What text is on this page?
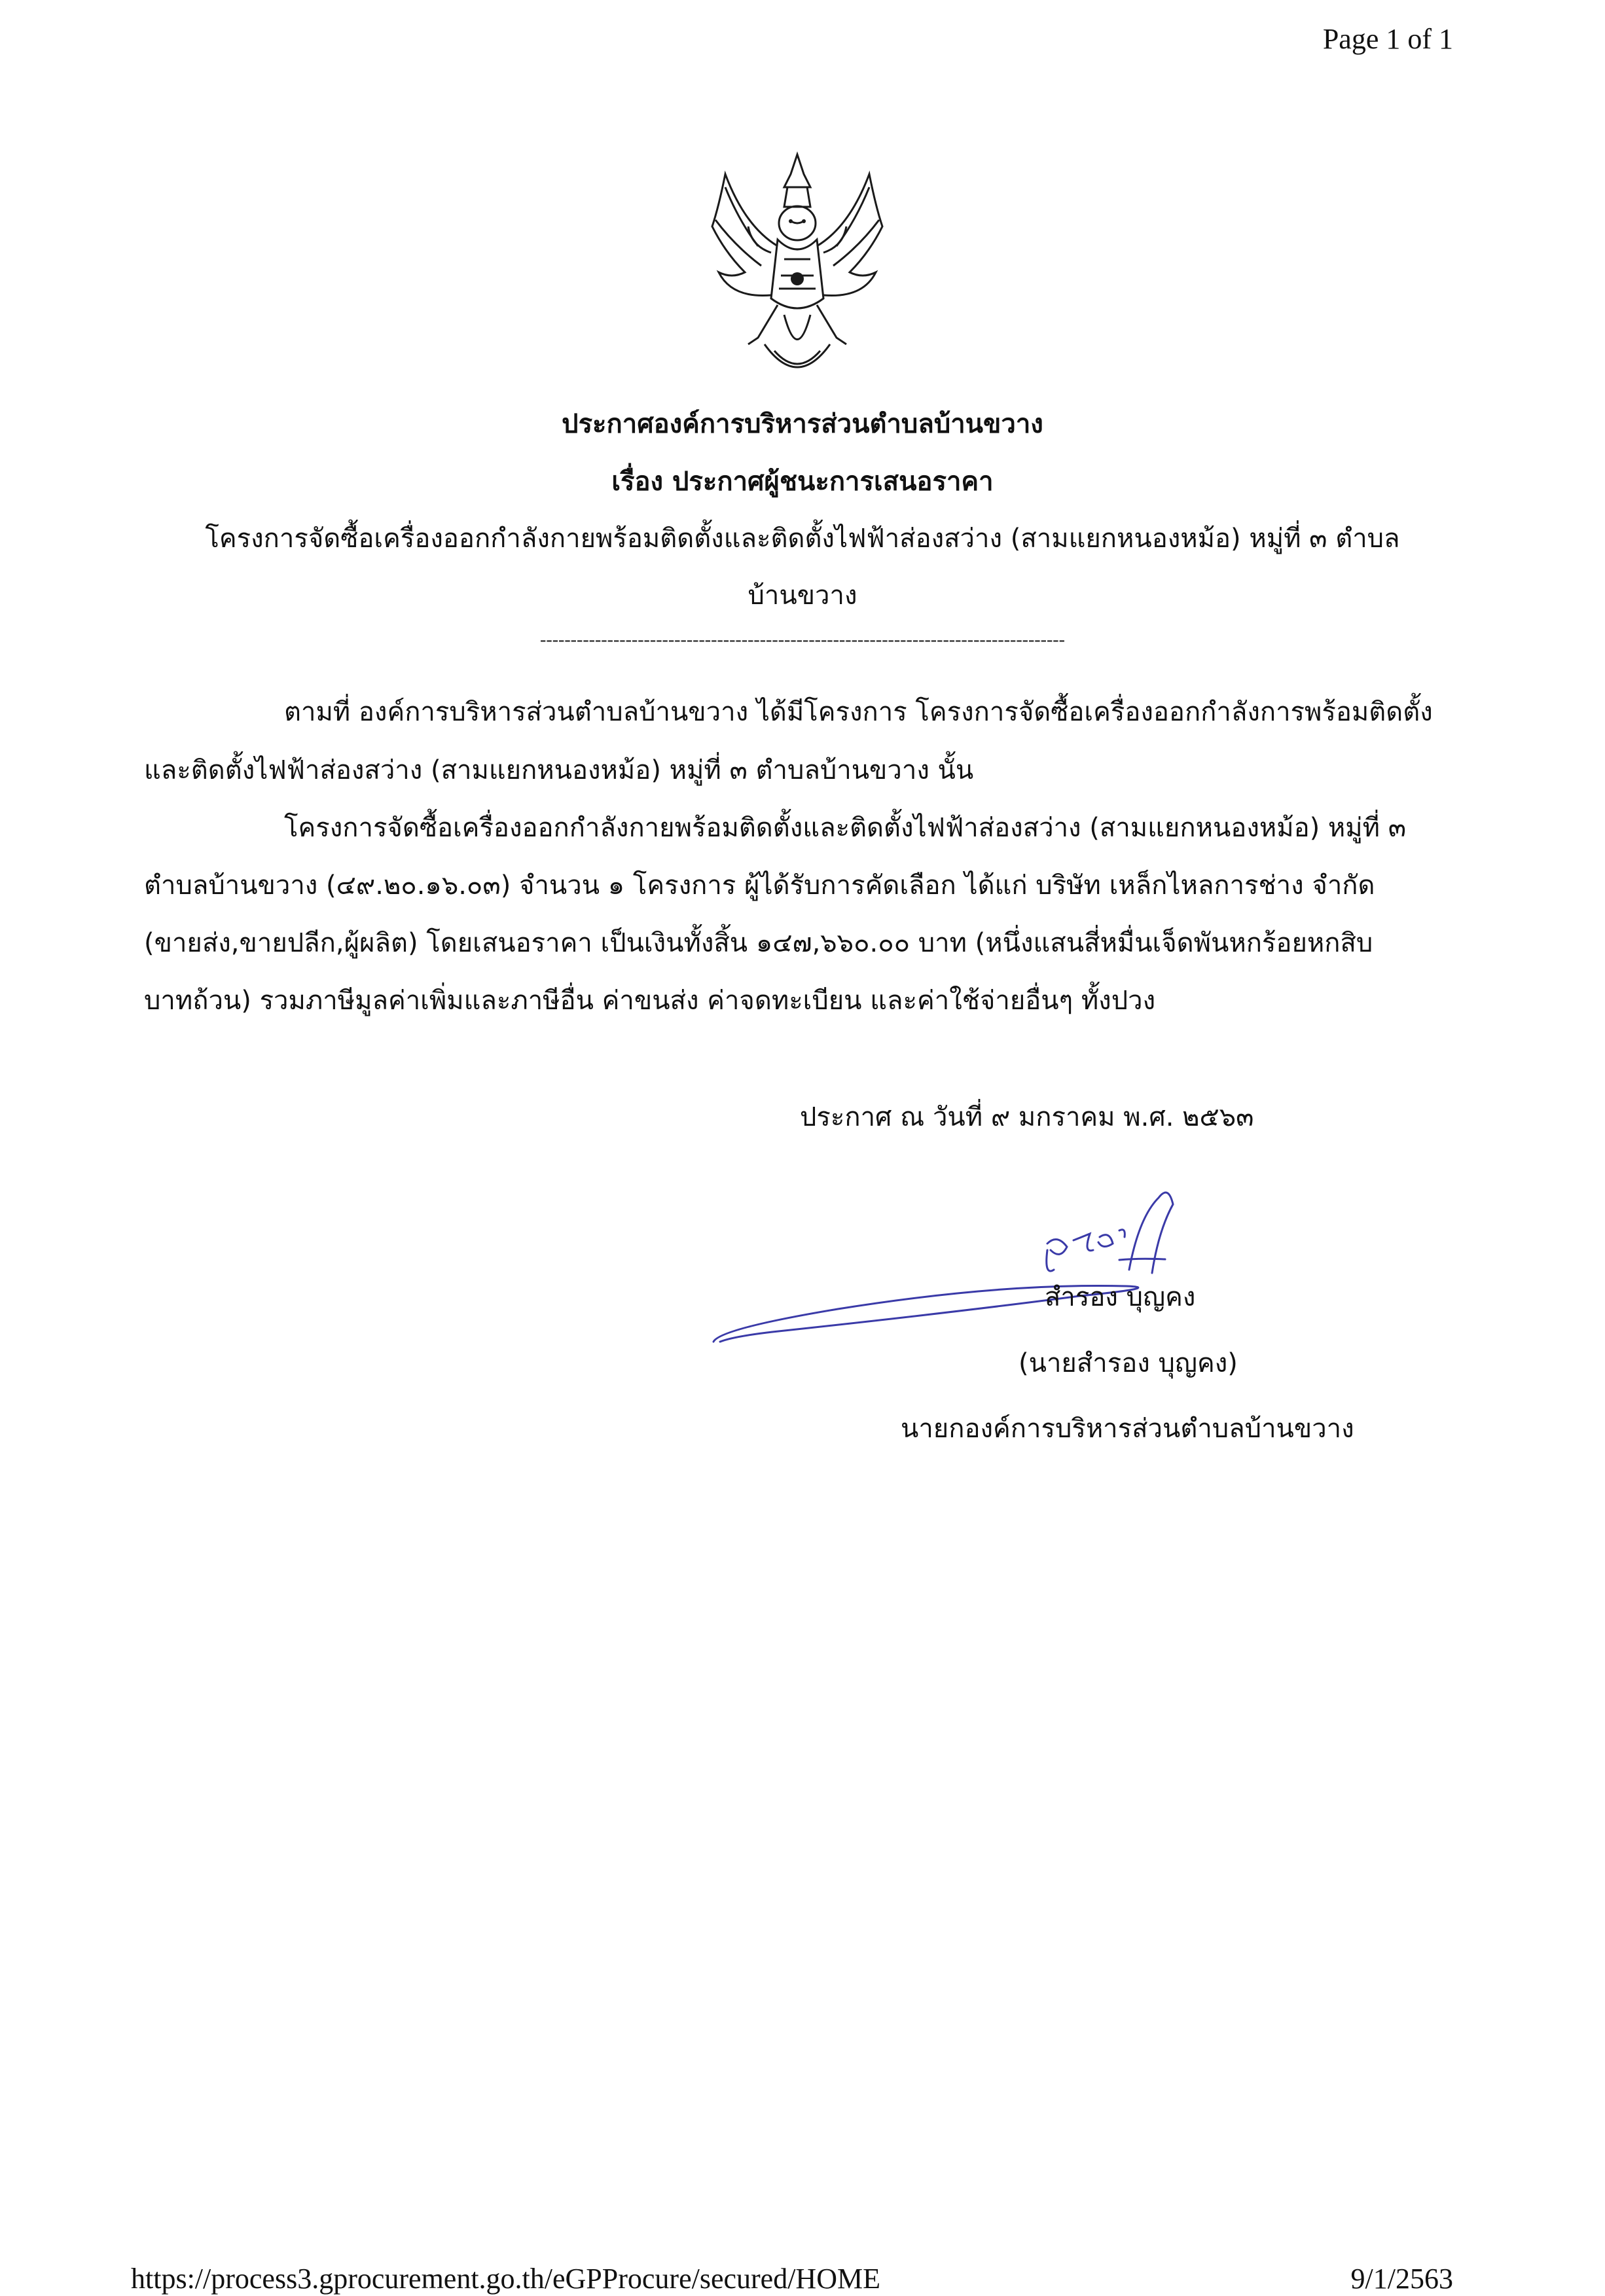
Page 1 of 1
ประกาศองค์การบริหารส่วนตำบลบ้านขวาง
เรื่อง ประกาศผู้ชนะการเสนอราคา
โครงการจัดซื้อเครื่องออกกำลังกายพร้อมติดตั้งและติดตั้งไฟฟ้าส่องสว่าง (สามแยกหนองหม้อ) หมู่ที่ ๓ ตำบล
บ้านขวาง
--------------------------------------------------------------------------------------
ตามที่ องค์การบริหารส่วนตำบลบ้านขวาง ได้มีโครงการ โครงการจัดซื้อเครื่องออกกำลังการพร้อมติดตั้ง
และติดตั้งไฟฟ้าส่องสว่าง (สามแยกหนองหม้อ) หมู่ที่ ๓ ตำบลบ้านขวาง นั้น
โครงการจัดซื้อเครื่องออกกำลังกายพร้อมติดตั้งและติดตั้งไฟฟ้าส่องสว่าง (สามแยกหนองหม้อ) หมู่ที่ ๓
ตำบลบ้านขวาง (๔๙.๒๐.๑๖.๐๓) จำนวน ๑ โครงการ ผู้ได้รับการคัดเลือก ได้แก่ บริษัท เหล็กไหลการช่าง จำกัด
(ขายส่ง,ขายปลีก,ผู้ผลิต) โดยเสนอราคา เป็นเงินทั้งสิ้น ๑๔๗,๖๖๐.๐๐ บาท (หนึ่งแสนสี่หมื่นเจ็ดพันหกร้อยหกสิบ
บาทถ้วน) รวมภาษีมูลค่าเพิ่มและภาษีอื่น ค่าขนส่ง ค่าจดทะเบียน และค่าใช้จ่ายอื่นๆ ทั้งปวง
ประกาศ ณ วันที่ ๙ มกราคม พ.ศ. ๒๕๖๓
สำรอง บุญคง
(นายสำรอง บุญคง)
นายกองค์การบริหารส่วนตำบลบ้านขวาง
https://process3.gprocurement.go.th/eGPProcure/secured/HOME	9/1/2563
